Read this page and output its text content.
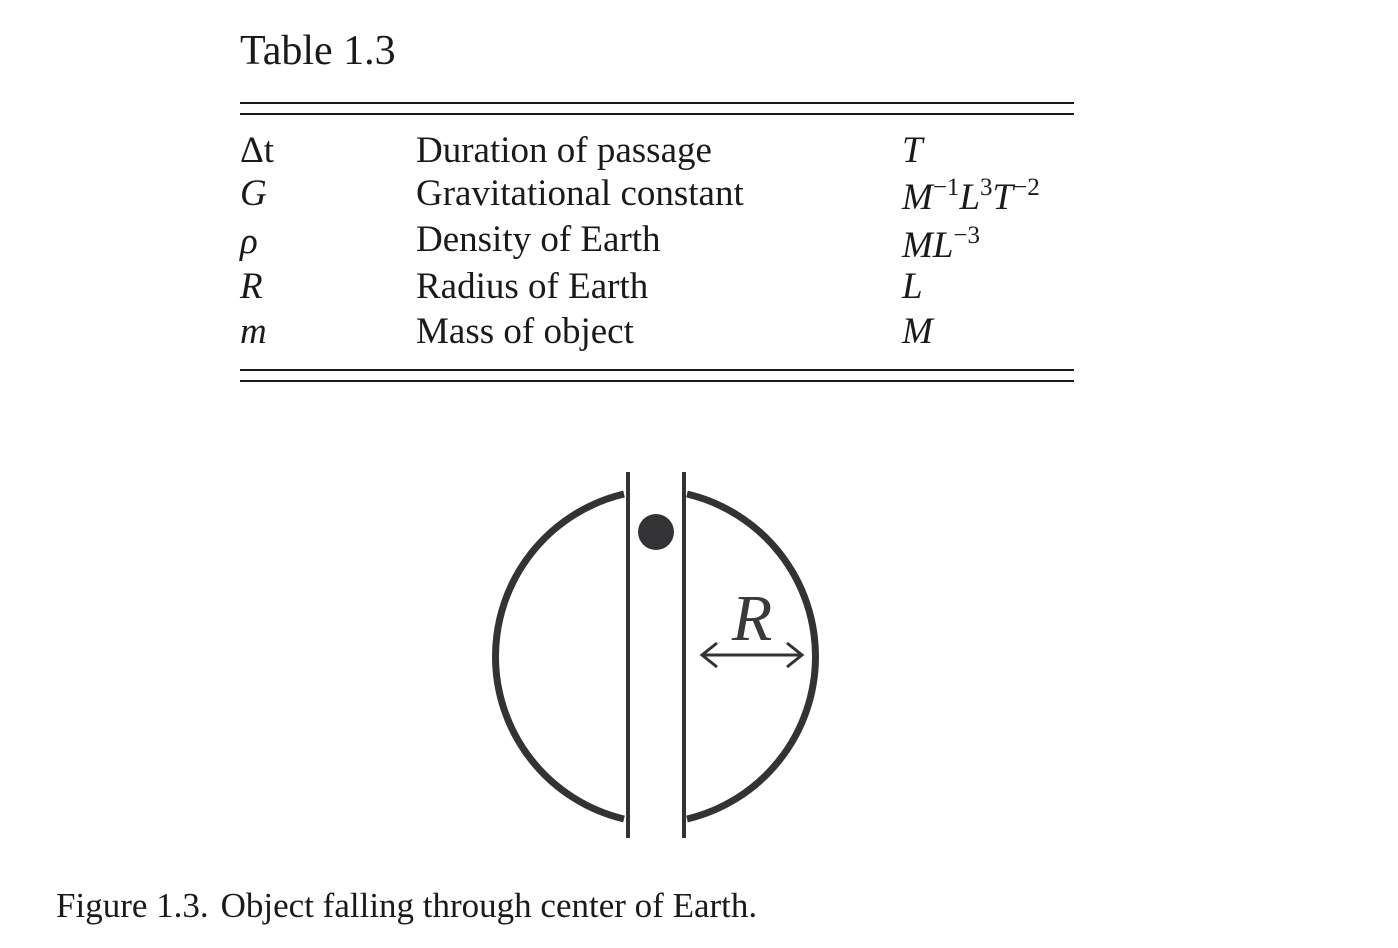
Table 1.3
Δt	Duration of passage	T
G	Gravitational constant	$M^{-1}L^3T^{-2}$
ρ	Density of Earth	$ML^{-3}$
R	Radius of Earth	L
m	Mass of object	M
R
Figure 1.3. Object falling through center of Earth.
